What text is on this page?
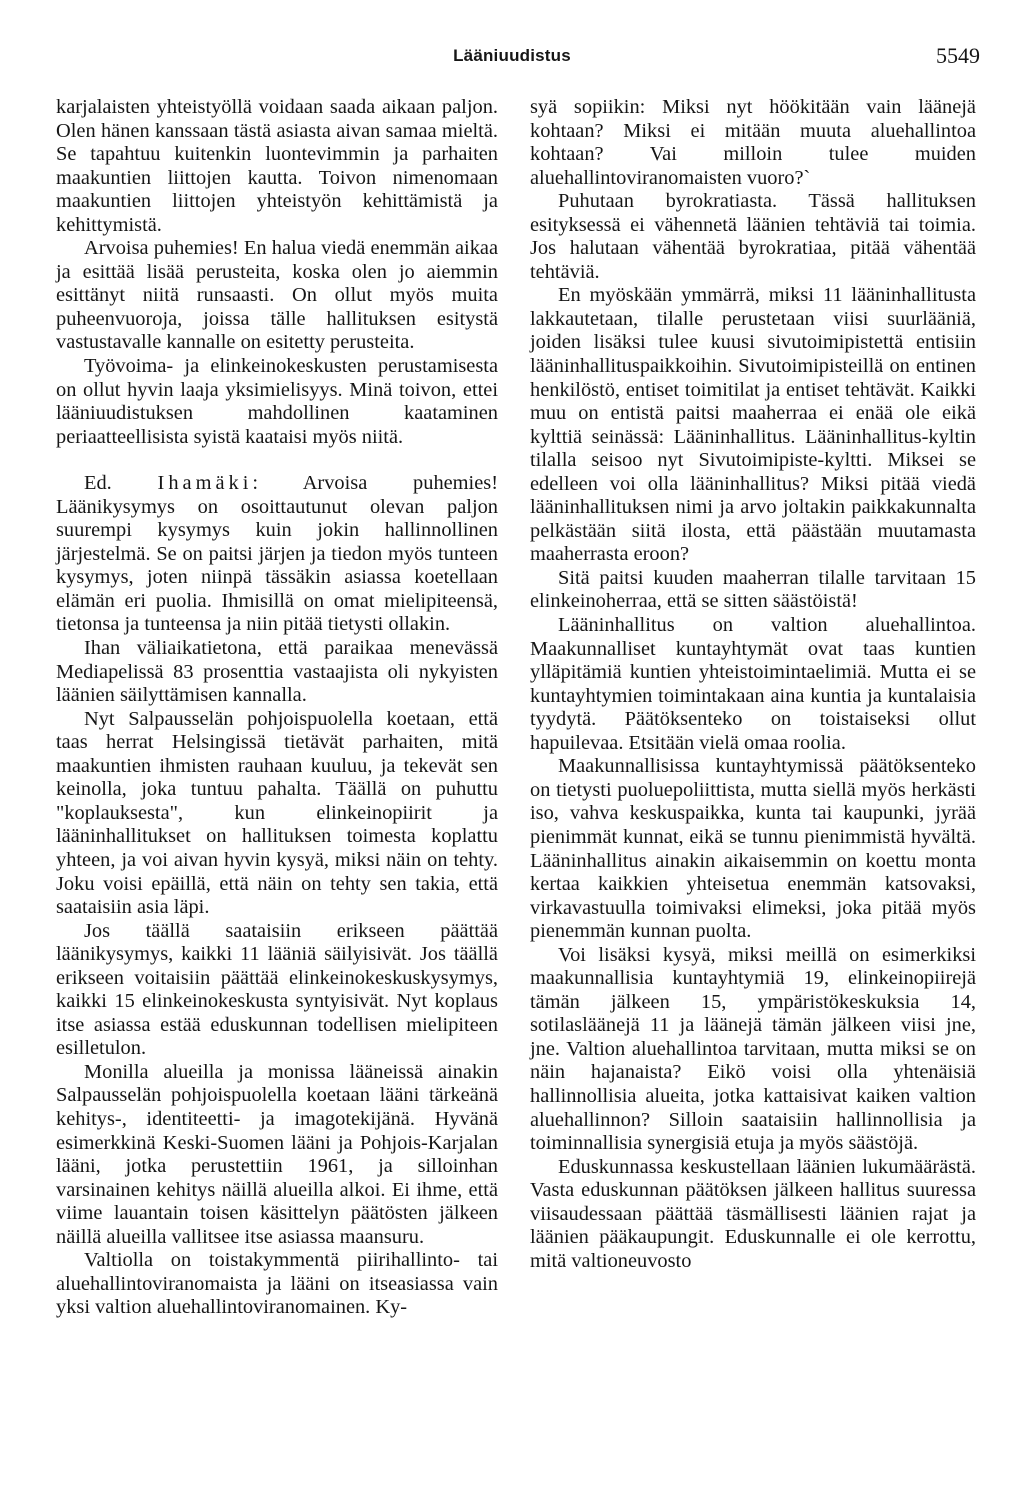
Lääniuudistus	5549

karjalaisten yhteistyöllä voidaan saada aikaan paljon. Olen hänen kanssaan tästä asiasta aivan samaa mieltä. Se tapahtuu kuitenkin luontevimmin ja parhaiten maakuntien liittojen kautta. Toivon nimenomaan maakuntien liittojen yhteistyön kehittämistä ja kehittymistä.

Arvoisa puhemies! En halua viedä enemmän aikaa ja esittää lisää perusteita, koska olen jo aiemmin esittänyt niitä runsaasti. On ollut myös muita puheenvuoroja, joissa tälle hallituksen esitystä vastustavalle kannalle on esitetty perusteita.

Työvoima- ja elinkeinokeskusten perustamisesta on ollut hyvin laaja yksimielisyys. Minä toivon, ettei lääniuudistuksen mahdollinen kaataminen periaatteellisista syistä kaataisi myös niitä.

Ed. Ihamäki: Arvoisa puhemies! Läänikysymys on osoittautunut olevan paljon suurempi kysymys kuin jokin hallinnollinen järjestelmä. Se on paitsi järjen ja tiedon myös tunteen kysymys, joten niinpä tässäkin asiassa koetellaan elämän eri puolia. Ihmisillä on omat mielipiteensä, tietonsa ja tunteensa ja niin pitää tietysti ollakin.

Ihan väliaikatietona, että paraikaa menevässä Mediapelissä 83 prosenttia vastaajista oli nykyisten läänien säilyttämisen kannalla.

Nyt Salpausselän pohjoispuolella koetaan, että taas herrat Helsingissä tietävät parhaiten, mitä maakuntien ihmisten rauhaan kuuluu, ja tekevät sen keinolla, joka tuntuu pahalta. Täällä on puhuttu "koplauksesta", kun elinkeinopiirit ja lääninhallitukset on hallituksen toimesta koplattu yhteen, ja voi aivan hyvin kysyä, miksi näin on tehty. Joku voisi epäillä, että näin on tehty sen takia, että saataisiin asia läpi.

Jos täällä saataisiin erikseen päättää läänikysymys, kaikki 11 lääniä säilyisivät. Jos täällä erikseen voitaisiin päättää elinkeinokeskuskysymys, kaikki 15 elinkeinokeskusta syntyisivät. Nyt koplaus itse asiassa estää eduskunnan todellisen mielipiteen esilletulon.

Monilla alueilla ja monissa lääneissä ainakin Salpausselän pohjoispuolella koetaan lääni tärkeänä kehitys-, identiteetti- ja imagotekijänä. Hyvänä esimerkkinä Keski-Suomen lääni ja Pohjois-Karjalan lääni, jotka perustettiin 1961, ja silloinhan varsinainen kehitys näillä alueilla alkoi. Ei ihme, että viime lauantain toisen käsittelyn päätösten jälkeen näillä alueilla vallitsee itse asiassa maansuru.

Valtiolla on toistakymmentä piirihallinto- tai aluehallintoviranomaista ja lääni on itseasiassa vain yksi valtion aluehallintoviranomainen. Ky-

syä sopiikin: Miksi nyt höökitään vain läänejä kohtaan? Miksi ei mitään muuta aluehallintoa kohtaan? Vai milloin tulee muiden aluehallintoviranomaisten vuoro?`

Puhutaan byrokratiasta. Tässä hallituksen esityksessä ei vähennetä läänien tehtäviä tai toimia. Jos halutaan vähentää byrokratiaa, pitää vähentää tehtäviä.

En myöskään ymmärrä, miksi 11 lääninhallitusta lakkautetaan, tilalle perustetaan viisi suurlääniä, joiden lisäksi tulee kuusi sivutoimipistettä entisiin lääninhallituspaikkoihin. Sivutoimipisteillä on entinen henkilöstö, entiset toimitilat ja entiset tehtävät. Kaikki muu on entistä paitsi maaherraa ei enää ole eikä kylttiä seinässä: Lääninhallitus. Lääninhallitus-kyltin tilalla seisoo nyt Sivutoimipiste-kyltti. Miksei se edelleen voi olla lääninhallitus? Miksi pitää viedä lääninhallituksen nimi ja arvo joltakin paikkakunnalta pelkästään siitä ilosta, että päästään muutamasta maaherrasta eroon?

Sitä paitsi kuuden maaherran tilalle tarvitaan 15 elinkeinoherraa, että se sitten säästöistä!

Lääninhallitus on valtion aluehallintoa. Maakunnalliset kuntayhtymät ovat taas kuntien ylläpitämiä kuntien yhteistoimintaelimiä. Mutta ei se kuntayhtymien toimintakaan aina kuntia ja kuntalaisia tyydytä. Päätöksenteko on toistaiseksi ollut hapuilevaa. Etsitään vielä omaa roolia.

Maakunnallisissa kuntayhtymissä päätöksenteko on tietysti puoluepoliittista, mutta siellä myös herkästi iso, vahva keskuspaikka, kunta tai kaupunki, jyrää pienimmät kunnat, eikä se tunnu pienimmistä hyvältä. Lääninhallitus ainakin aikaisemmin on koettu monta kertaa kaikkien yhteisetua enemmän katsovaksi, virkavastuulla toimivaksi elimeksi, joka pitää myös pienemmän kunnan puolta.

Voi lisäksi kysyä, miksi meillä on esimerkiksi maakunnallisia kuntayhtymiä 19, elinkeinopiirejä tämän jälkeen 15, ympäristökeskuksia 14, sotilasläänejä 11 ja läänejä tämän jälkeen viisi jne, jne. Valtion aluehallintoa tarvitaan, mutta miksi se on näin hajanaista? Eikö voisi olla yhtenäisiä hallinnollisia alueita, jotka kattaisivat kaiken valtion aluehallinnon? Silloin saataisiin hallinnollisia ja toiminnallisia synergisiä etuja ja myös säästöjä.

Eduskunnassa keskustellaan läänien lukumäärästä. Vasta eduskunnan päätöksen jälkeen hallitus suuressa viisaudessaan päättää täsmällisesti läänien rajat ja läänien pääkaupungit. Eduskunnalle ei ole kerrottu, mitä valtioneuvosto
